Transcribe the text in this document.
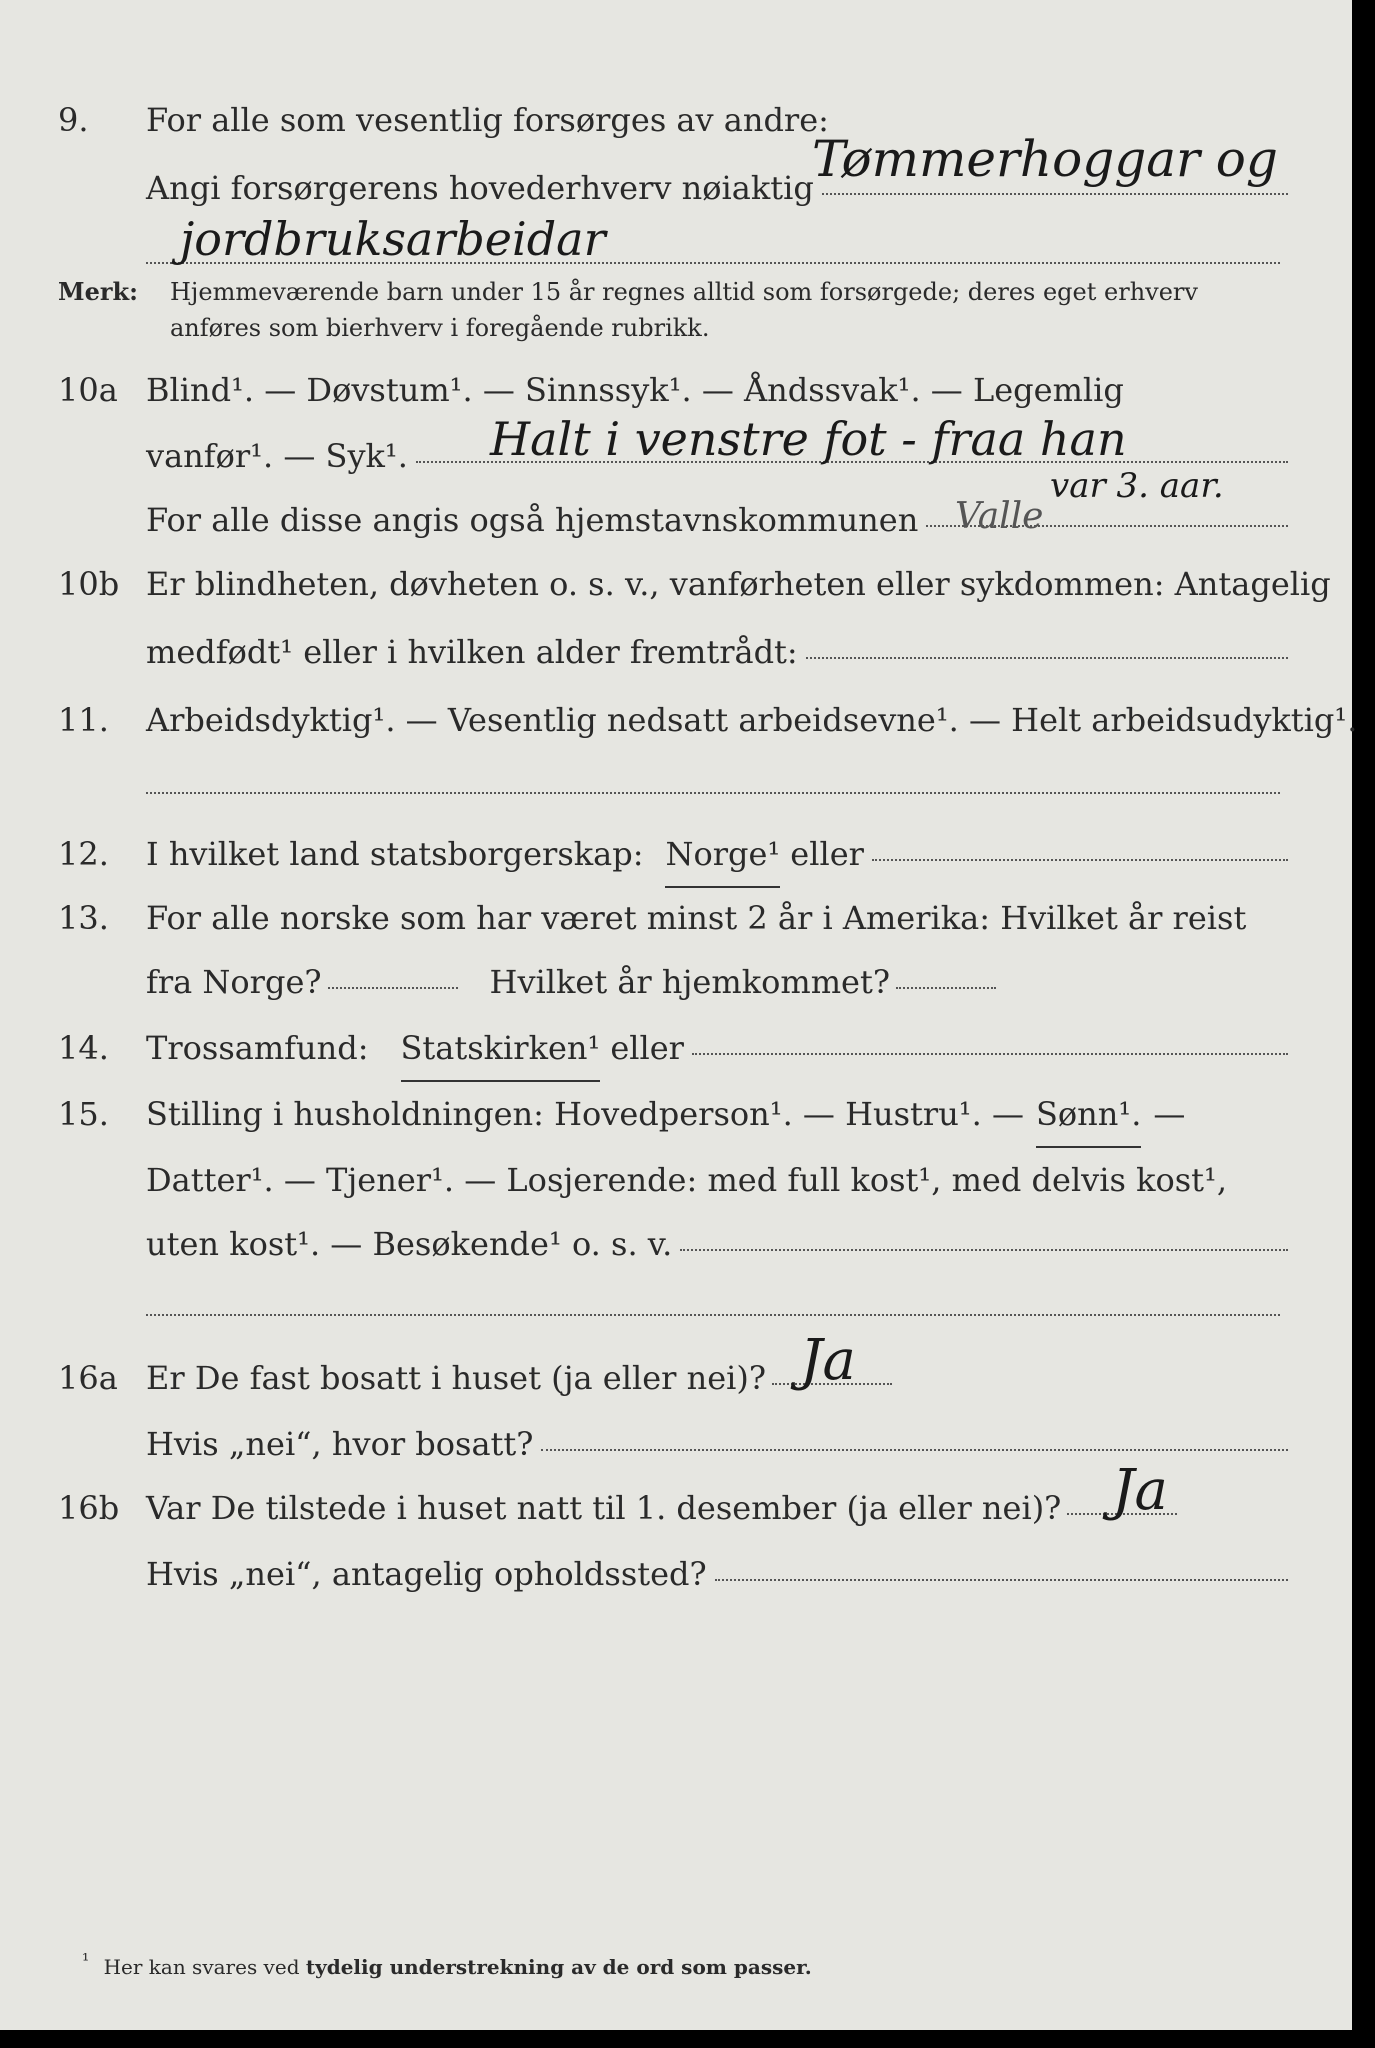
9. For alle som vesentlig forsørges av andre:
Angi forsørgerens hovederhverv nøiaktig
Tømmerhoggar og
jordbruksarbeidar
Merk: Hjemmeværende barn under 15 år regnes alltid som forsørgede; deres eget erhverv
anføres som bierhverv i foregående rubrikk.
10a Blind¹. — Døvstum¹. — Sinnssyk¹. — Åndssvak¹. — Legemlig
vanfør¹. — Syk¹. Halt i venstre fot - fraa han
var 3. aar.
For alle disse angis også hjemstavnskommunen Valle
10b Er blindheten, døvheten o. s. v., vanførheten eller sykdommen: Antagelig
medfødt¹ eller i hvilken alder fremtrådt:
11. Arbeidsdyktig¹. — Vesentlig nedsatt arbeidsevne¹. — Helt arbeidsudyktig¹.
12. I hvilket land statsborgerskap: Norge¹ eller
13. For alle norske som har været minst 2 år i Amerika: Hvilket år reist
fra Norge?	Hvilket år hjemkommet?
14. Trossamfund: Statskirken¹ eller
15. Stilling i husholdningen: Hovedperson¹. — Hustru¹. — Sønn¹. —
Datter¹. — Tjener¹. — Losjerende: med full kost¹, med delvis kost¹,
uten kost¹. — Besøkende¹ o. s. v.
16a Er De fast bosatt i huset (ja eller nei)? Ja
Hvis „nei“, hvor bosatt?
16b Var De tilstede i huset natt til 1. desember (ja eller nei)? Ja
Hvis „nei“, antagelig opholdssted?
¹ Her kan svares ved tydelig understrekning av de ord som passer.
